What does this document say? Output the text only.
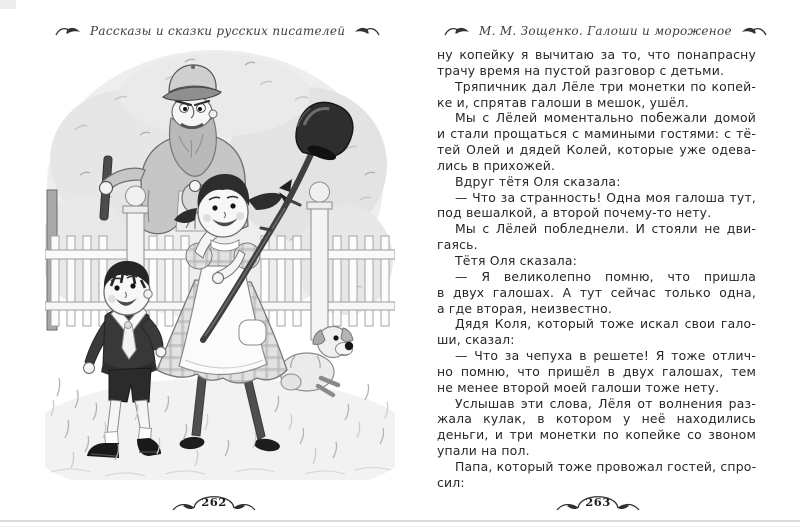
Рассказы и сказки русских писателей
262
М. М. Зощенко. Галоши и мороженое
ну копейку я вычитаю за то, что понапрасну
трачу время на пустой разговор с детьми.
Тряпичник дал Лёле три монетки по копей-
ке и, спрятав галоши в мешок, ушёл.
Мы с Лёлей моментально побежали домой
и стали прощаться с мамиными гостями: с тё-
тей Олей и дядей Колей, которые уже одева-
лись в прихожей.
Вдруг тётя Оля сказала:
— Что за странность! Одна моя галоша тут,
под вешалкой, а второй почему-то нету.
Мы с Лёлей побледнели. И стояли не дви-
гаясь.
Тётя Оля сказала:
— Я великолепно помню, что пришла
в двух галошах. А тут сейчас только одна,
а где вторая, неизвестно.
Дядя Коля, который тоже искал свои гало-
ши, сказал:
— Что за чепуха в решете! Я тоже отлич-
но помню, что пришёл в двух галошах, тем
не менее второй моей галоши тоже нету.
Услышав эти слова, Лёля от волнения раз-
жала кулак, в котором у неё находились
деньги, и три монетки по копейке со звоном
упали на пол.
Папа, который тоже провожал гостей, спро-
сил:
263
